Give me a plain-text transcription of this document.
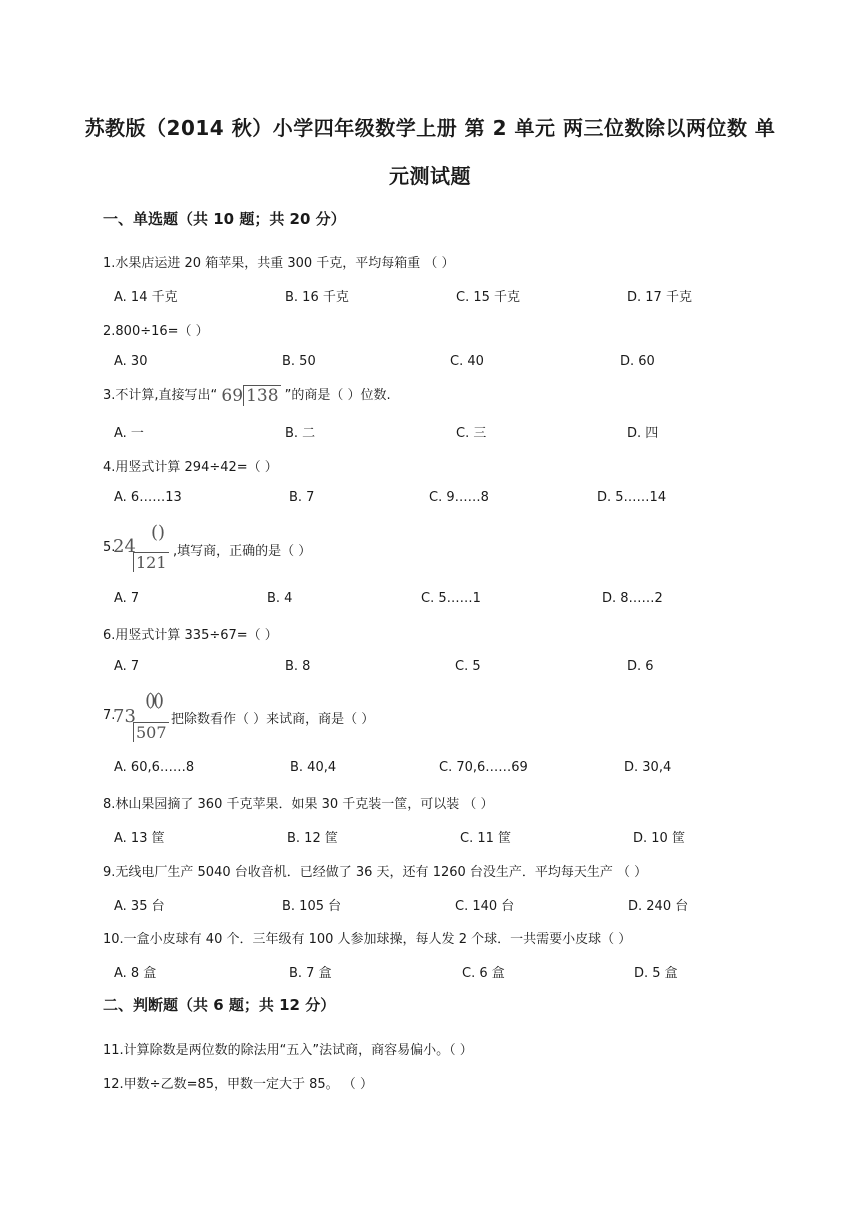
苏教版（2014 秋）小学四年级数学上册 第 2 单元 两三位数除以两位数 单
元测试题
一、单选题（共 10 题；共 20 分）
1.水果店运进 20 箱苹果，共重 300 千克，平均每箱重 （ ）
A. 14 千克	B. 16 千克	C. 15 千克	D. 17 千克
2.800÷16=（ ）
A. 30	B. 50	C. 40	D. 60
3.不计算,直接写出“ 69 138 ”的商是（ ）位数.
A. 一	B. 二	C. 三	D. 四
4.用竖式计算 294÷42=（ ）
A. 6……13	B. 7	C. 9……8	D. 5……14
5.
()
24
121
,填写商，正确的是（ ）
A. 7	B. 4	C. 5……1	D. 8……2
6.用竖式计算 335÷67=（ ）
A. 7	B. 8	C. 5	D. 6
7.
()()
73
507
把除数看作（ ）来试商，商是（ ）
A. 60,6……8	B. 40,4	C. 70,6……69	D. 30,4
8.林山果园摘了 360 千克苹果．如果 30 千克装一筐，可以装 （ ）
A. 13 筐	B. 12 筐	C. 11 筐	D. 10 筐
9.无线电厂生产 5040 台收音机．已经做了 36 天，还有 1260 台没生产．平均每天生产 （ ）
A. 35 台	B. 105 台	C. 140 台	D. 240 台
10.一盒小皮球有 40 个．三年级有 100 人参加球操，每人发 2 个球．一共需要小皮球（ ）
A. 8 盒	B. 7 盒	C. 6 盒	D. 5 盒
二、判断题（共 6 题；共 12 分）
11.计算除数是两位数的除法用“五入”法试商，商容易偏小。（ ）
12.甲数÷乙数=85，甲数一定大于 85。 （ ）
